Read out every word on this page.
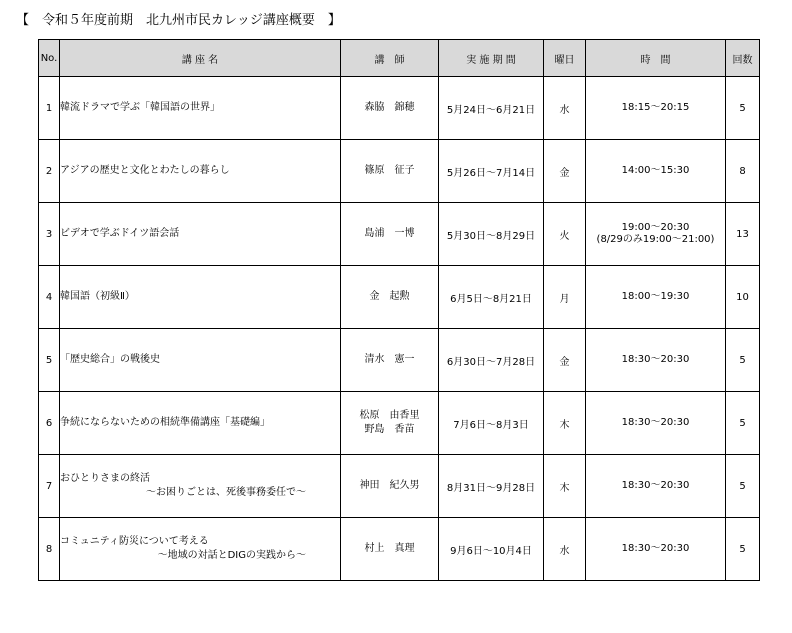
【　令和５年度前期　北九州市民カレッジ講座概要　】
No.	講 座 名	講　師	実 施 期 間	曜日	時　間	回数
1	韓流ドラマで学ぶ「韓国語の世界」	森脇　錦穂	5月24日～6月21日	水	18:15～20:15	5
2	アジアの歴史と文化とわたしの暮らし	篠原　征子	5月26日～7月14日	金	14:00～15:30	8
3	ビデオで学ぶドイツ語会話	島浦　一博	5月30日～8月29日	火	19:00～20:30
(8/29のみ19:00～21:00)	13
4	韓国語（初級Ⅱ）	金　起勲	6月5日～8月21日	月	18:00～19:30	10
5	「歴史総合」の戦後史	清水　憲一	6月30日～7月28日	金	18:30～20:30	5
6	争続にならないための相続準備講座「基礎編」	松原　由香里
野島　香苗	7月6日～8月3日	木	18:30～20:30	5
7	おひとりさまの終活
～お困りごとは、死後事務委任で～	神田　紀久男	8月31日～9月28日	木	18:30～20:30	5
8	コミュニティ防災について考える
～地域の対話とDIGの実践から～	村上　真理	9月6日～10月4日	水	18:30～20:30	5
